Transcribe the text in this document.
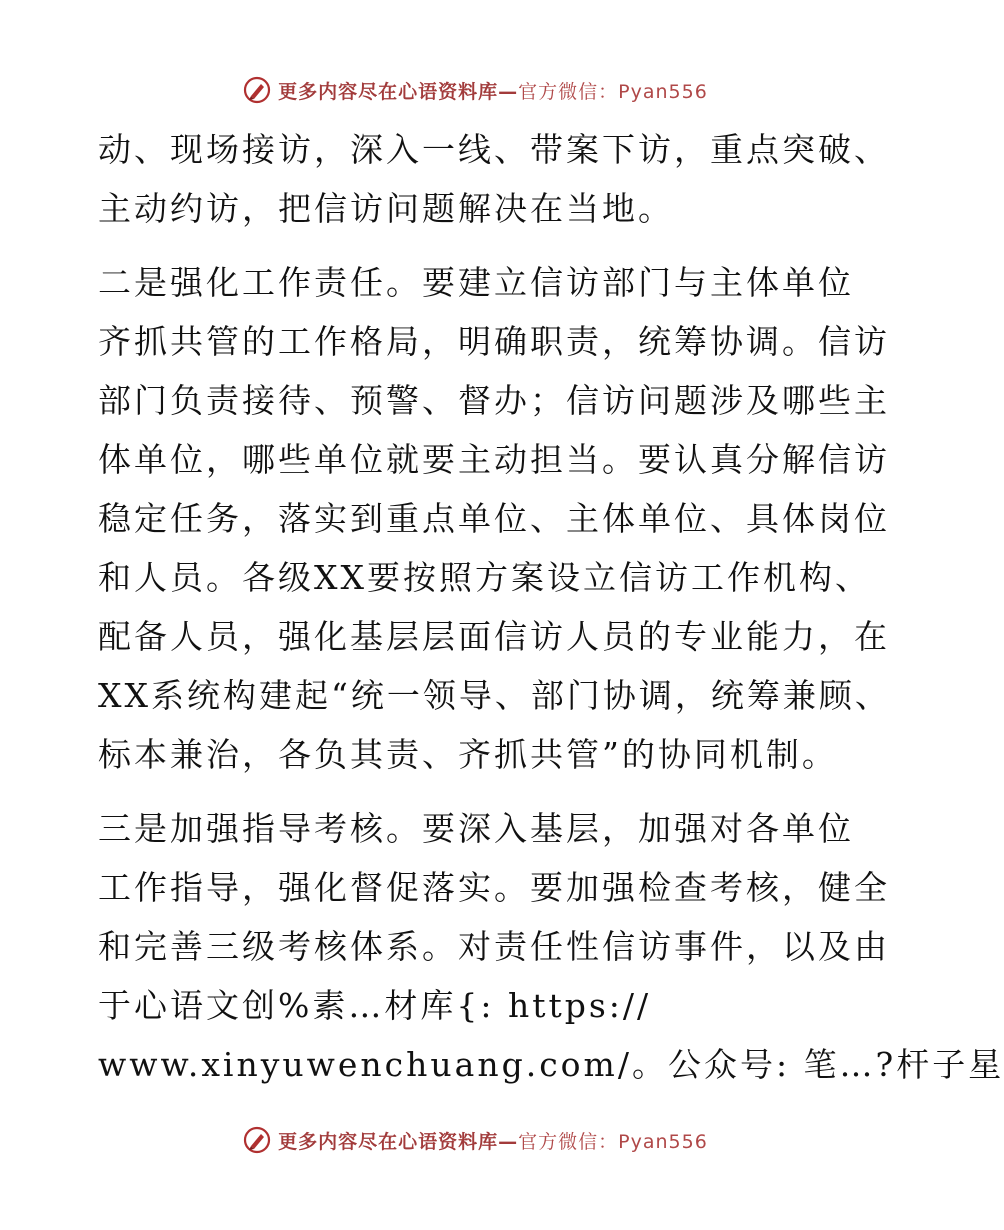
更多内容尽在心语资料库—官方微信：Pyan556
动、现场接访，深入一线、带案下访，重点突破、
主动约访，把信访问题解决在当地。
二是强化工作责任。要建立信访部门与主体单位
齐抓共管的工作格局，明确职责，统筹协调。信访
部门负责接待、预警、督办；信访问题涉及哪些主
体单位，哪些单位就要主动担当。要认真分解信访
稳定任务，落实到重点单位、主体单位、具体岗位
和人员。各级XX要按照方案设立信访工作机构、
配备人员，强化基层层面信访人员的专业能力，在
XX系统构建起“统一领导、部门协调，统筹兼顾、
标本兼治，各负其责、齐抓共管”的协同机制。
三是加强指导考核。要深入基层，加强对各单位
工作指导，强化督促落实。要加强检查考核，健全
和完善三级考核体系。对责任性信访事件，以及由
于心语文创%素…材库{: https://
www.xinyuwenchuang.com/。公众号: 笔…?杆子星
更多内容尽在心语资料库—官方微信：Pyan556
